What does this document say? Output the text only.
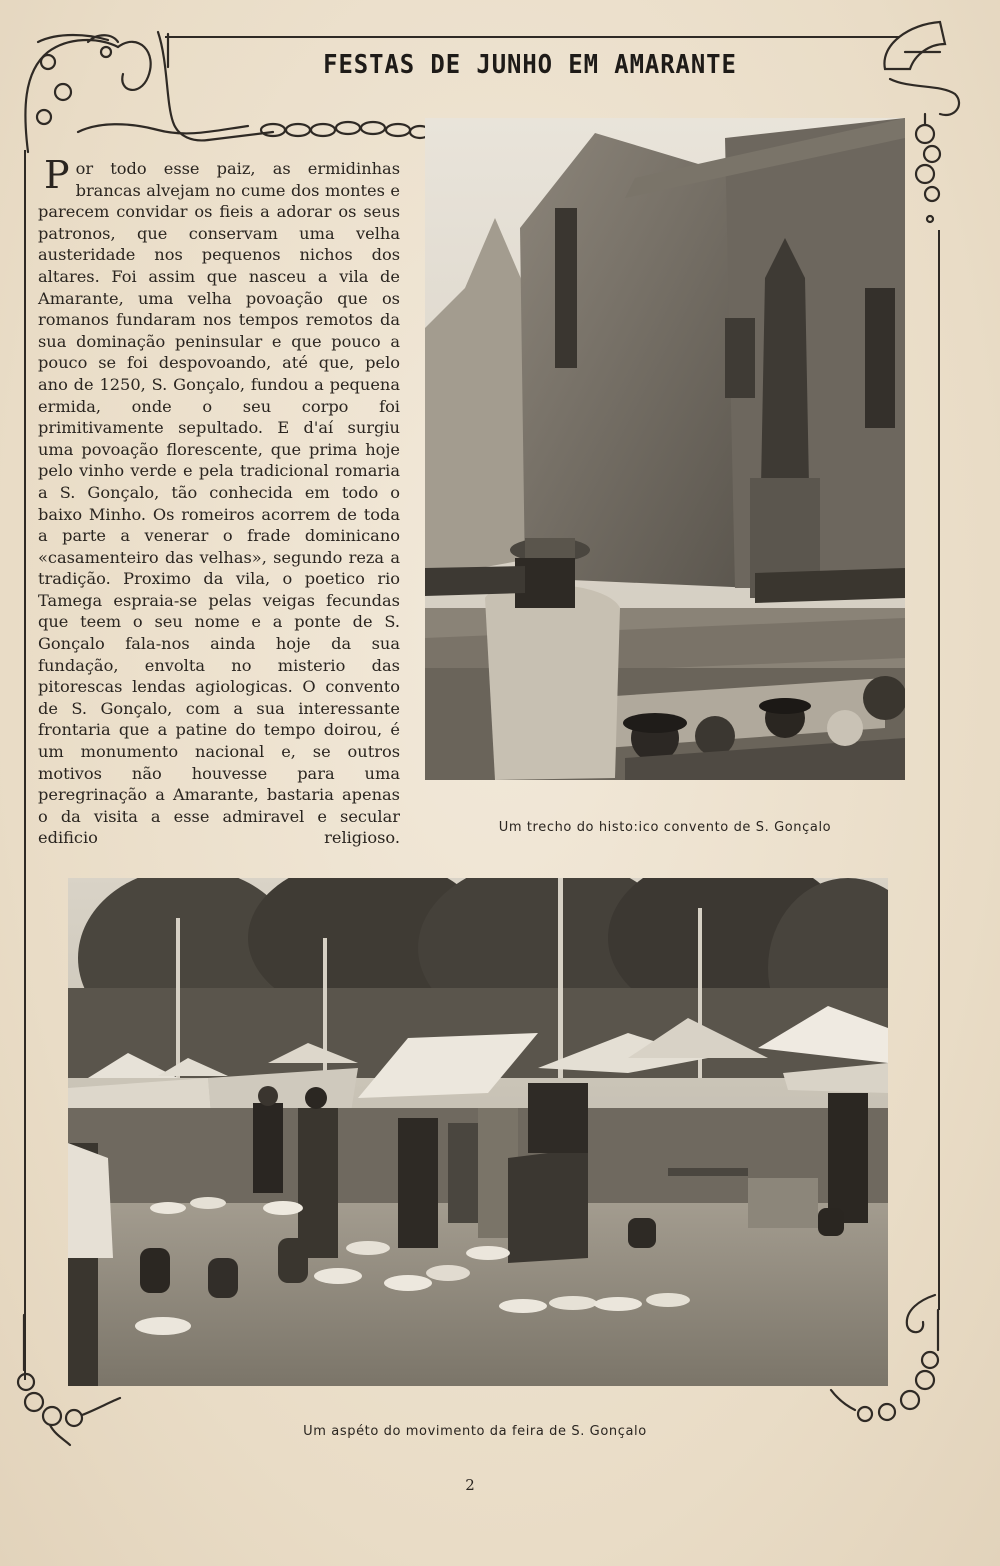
FESTAS DE JUNHO EM AMARANTE
Por todo esse paiz, as ermidinhas brancas alvejam no cume dos montes e parecem convidar os fieis a adorar os seus patronos, que conservam uma velha austeridade nos pequenos nichos dos altares. Foi assim que nasceu a vila de Amarante, uma velha povoação que os romanos fundaram nos tempos remotos da sua dominação peninsular e que pouco a pouco se foi despovoando, até que, pelo ano de 1250, S. Gonçalo, fundou a pequena ermida, onde o seu corpo foi primitivamente sepultado. E d'aí surgiu uma povoação florescente, que prima hoje pelo vinho verde e pela tradicional romaria a S. Gonçalo, tão conhecida em todo o baixo Minho. Os romeiros acorrem de toda a parte a venerar o frade dominicano «casamenteiro das velhas», segundo reza a tradição. Proximo da vila, o poetico rio Tamega espraia-se pelas veigas fecundas que teem o seu nome e a ponte de S. Gonçalo fala-nos ainda hoje da sua fundação, envolta no misterio das pitorescas lendas agiologicas. O convento de S. Gonçalo, com a sua interessante frontaria que a patine do tempo doirou, é um monumento nacional e, se outros motivos não houvesse para uma peregrinação a Amarante, bastaria apenas o da visita a esse admiravel e secular edificio religioso.
Um trecho do histo:ico convento de S. Gonçalo
Um aspéto do movimento da feira de S. Gonçalo
2
